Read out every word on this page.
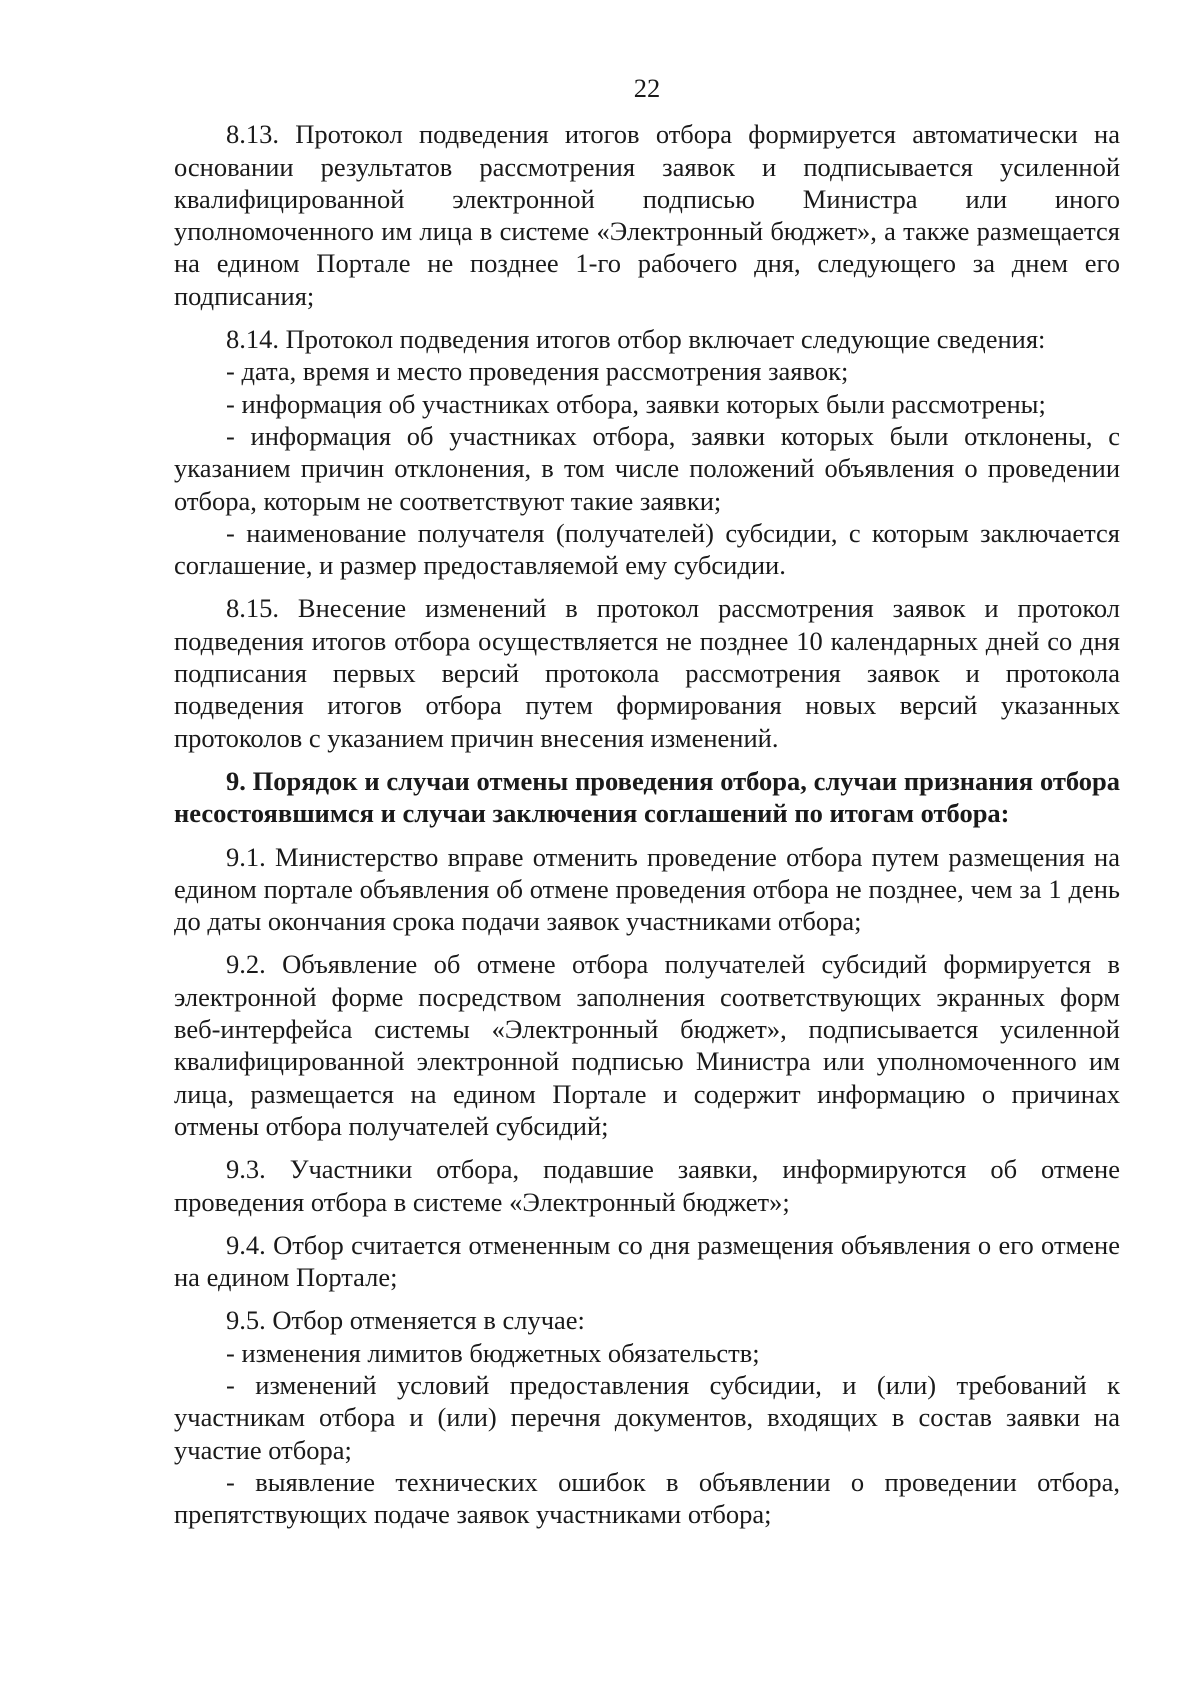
22

8.13. Протокол подведения итогов отбора формируется автоматически на основании результатов рассмотрения заявок и подписывается усиленной квалифицированной электронной подписью Министра или иного уполномоченного им лица в системе «Электронный бюджет», а также размещается на едином Портале не позднее 1-го рабочего дня, следующего за днем его подписания;

8.14. Протокол подведения итогов отбор включает следующие сведения:

- дата, время и место проведения рассмотрения заявок;

- информация об участниках отбора, заявки которых были рассмотрены;

- информация об участниках отбора, заявки которых были отклонены, с указанием причин отклонения, в том числе положений объявления о проведении отбора, которым не соответствуют такие заявки;

- наименование получателя (получателей) субсидии, с которым заключается соглашение, и размер предоставляемой ему субсидии.

8.15. Внесение изменений в протокол рассмотрения заявок и протокол подведения итогов отбора осуществляется не позднее 10 календарных дней со дня подписания первых версий протокола рассмотрения заявок и протокола подведения итогов отбора путем формирования новых версий указанных протоколов с указанием причин внесения изменений.

9. Порядок и случаи отмены проведения отбора, случаи признания отбора несостоявшимся и случаи заключения соглашений по итогам отбора:

9.1. Министерство вправе отменить проведение отбора путем размещения на едином портале объявления об отмене проведения отбора не позднее, чем за 1 день до даты окончания срока подачи заявок участниками отбора;

9.2. Объявление об отмене отбора получателей субсидий формируется в электронной форме посредством заполнения соответствующих экранных форм веб-интерфейса системы «Электронный бюджет», подписывается усиленной квалифицированной электронной подписью Министра или уполномоченного им лица, размещается на едином Портале и содержит информацию о причинах отмены отбора получателей субсидий;

9.3. Участники отбора, подавшие заявки, информируются об отмене проведения отбора в системе «Электронный бюджет»;

9.4. Отбор считается отмененным со дня размещения объявления о его отмене на едином Портале;

9.5. Отбор отменяется в случае:

- изменения лимитов бюджетных обязательств;

- изменений условий предоставления субсидии, и (или) требований к участникам отбора и (или) перечня документов, входящих в состав заявки на участие отбора;

- выявление технических ошибок в объявлении о проведении отбора, препятствующих подаче заявок участниками отбора;
